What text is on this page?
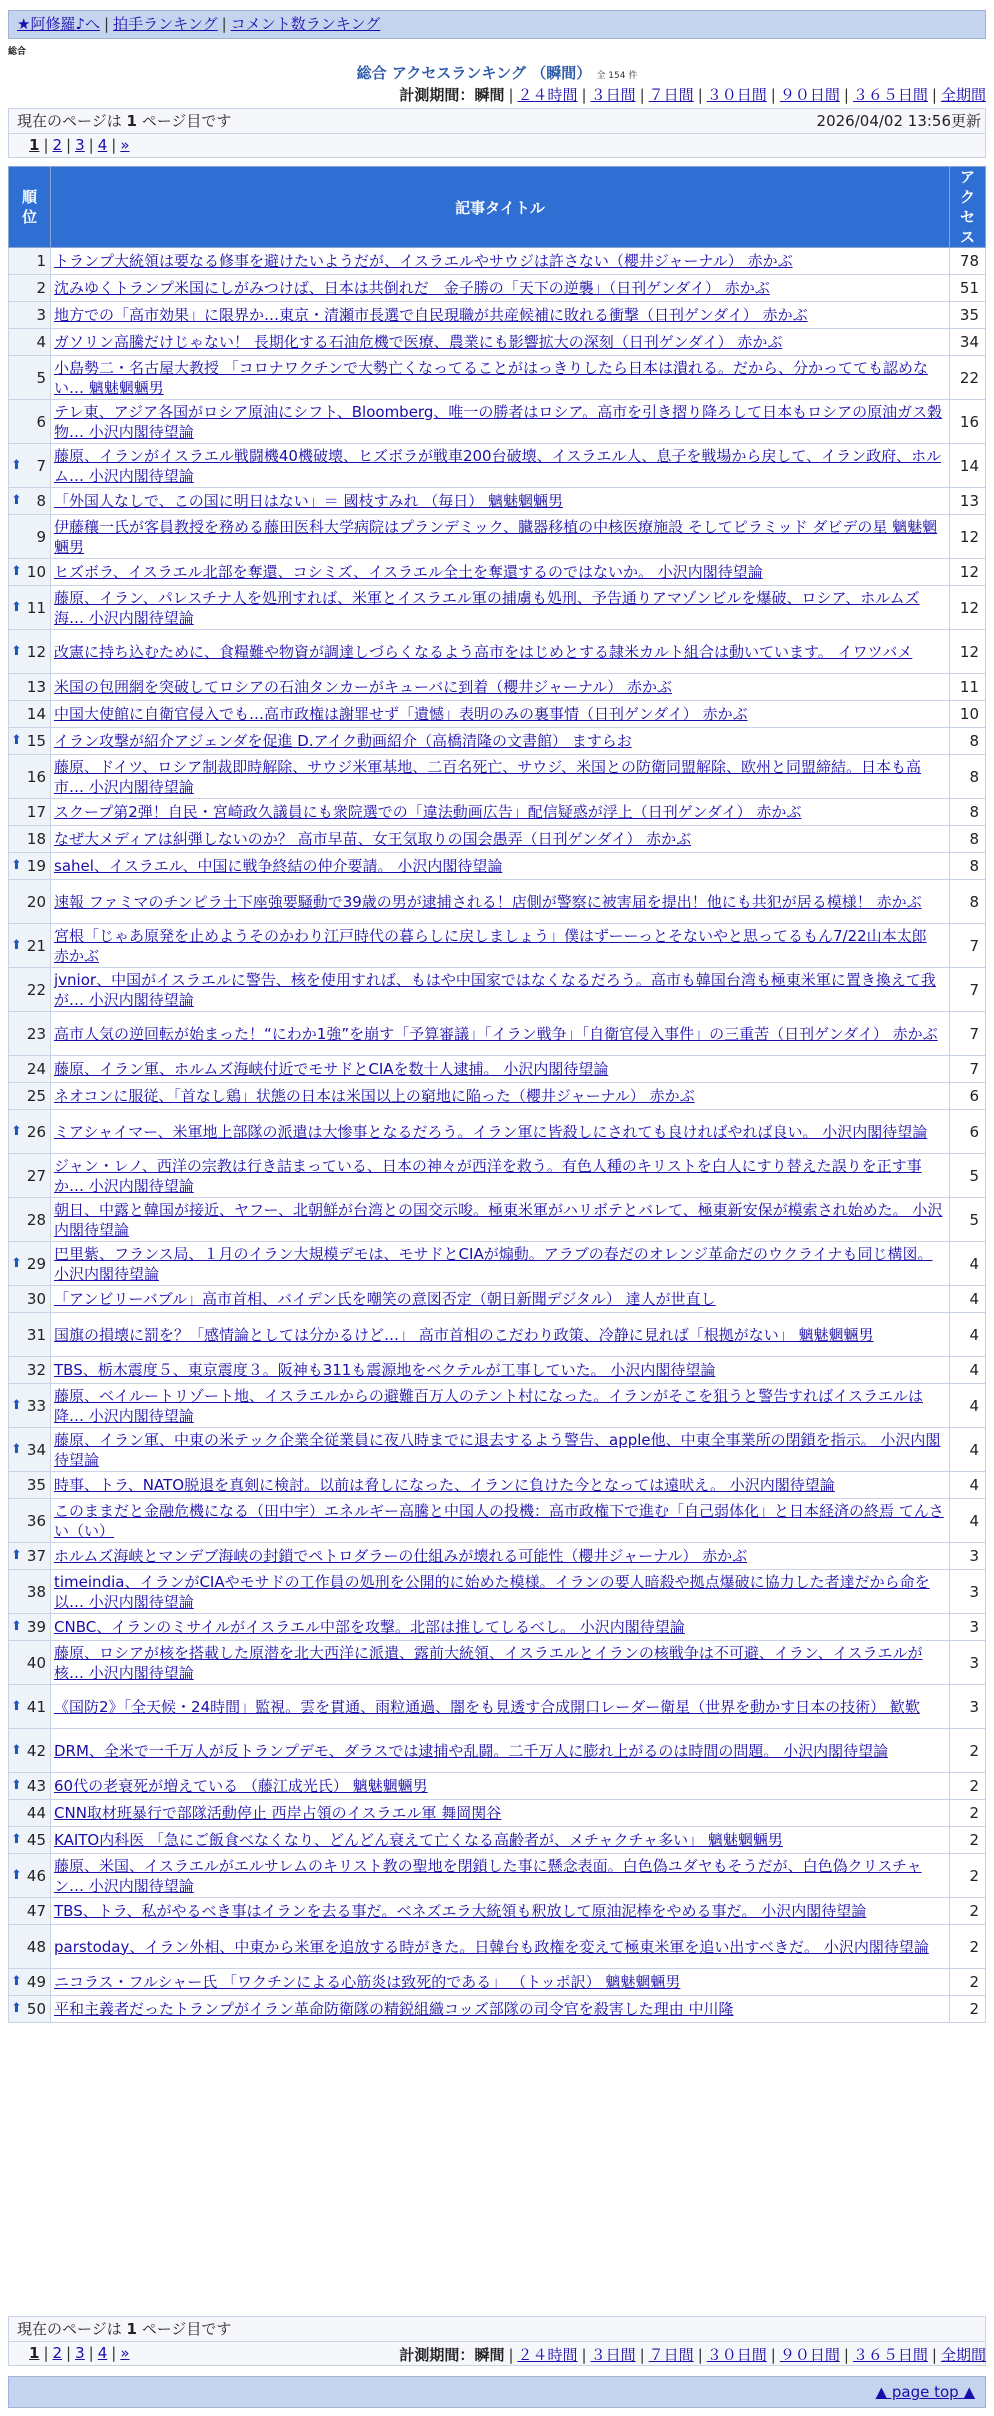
★阿修羅♪へ | 拍手ランキング | コメント数ランキング
総合
総合 アクセスランキング （瞬間） 全 154 件
計測期間：瞬間 | ２４時間 | ３日間 | ７日間 | ３０日間 | ９０日間 | ３６５日間 | 全期間
現在のページは 1 ページ目です	2026/04/02 13:56更新
1 | 2 | 3 | 4 | »
順位	記事タイトル	アクセス
1	トランプ大統領は要なる修事を避けたいようだが、イスラエルやサウジは許さない（櫻井ジャーナル） 赤かぶ	78
2	沈みゆくトランプ米国にしがみつけば、日本は共倒れだ　金子勝の「天下の逆襲」（日刊ゲンダイ） 赤かぶ	51
3	地方での「高市効果」に限界か…東京・清瀬市長選で自民現職が共産候補に敗れる衝撃（日刊ゲンダイ） 赤かぶ	35
4	ガソリン高騰だけじゃない！ 長期化する石油危機で医療、農業にも影響拡大の深刻（日刊ゲンダイ） 赤かぶ	34
5	小島勢二・名古屋大教授 「コロナワクチンで大勢亡くなってることがはっきりしたら日本は潰れる。だから、分かってても認めない… 魑魅魍魎男	22
6	テレ東、アジア各国がロシア原油にシフト、Bloomberg、唯一の勝者はロシア。高市を引き摺り降ろして日本もロシアの原油ガス穀物… 小沢内閣待望論	16

⬆ 7	藤原、イランがイスラエル戦闘機40機破壊、ヒズボラが戦車200台破壊、イスラエル人、息子を戦場から戻して、イラン政府、ホルム… 小沢内閣待望論	14

⬆ 8	「外国人なしで、この国に明日はない」＝ 國枝すみれ （毎日） 魑魅魍魎男	13
9	伊藤穰一氏が客員教授を務める藤田医科大学病院はプランデミック、臓器移植の中核医療施設 そしてピラミッド ダビデの星 魑魅魍魎男	12

⬆ 10	ヒズボラ、イスラエル北部を奪還、コシミズ、イスラエル全土を奪還するのではないか。 小沢内閣待望論	12

⬆ 11	藤原、イラン、パレスチナ人を処刑すれば、米軍とイスラエル軍の捕虜も処刑、予告通りアマゾンビルを爆破、ロシア、ホルムズ海… 小沢内閣待望論	12

⬆ 12	改憲に持ち込むために、食糧難や物資が調達しづらくなるよう高市をはじめとする隷米カルト組合は動いています。 イワツバメ	12
13	米国の包囲網を突破してロシアの石油タンカーがキューバに到着（櫻井ジャーナル） 赤かぶ	11
14	中国大使館に自衛官侵入でも…高市政権は謝罪せず「遺憾」表明のみの裏事情（日刊ゲンダイ） 赤かぶ	10

⬆ 15	イラン攻撃が紹介アジェンダを促進 D.アイク動画紹介（高橋清隆の文書館） ますらお	8
16	藤原、ドイツ、ロシア制裁即時解除、サウジ米軍基地、二百名死亡、サウジ、米国との防衛同盟解除、欧州と同盟締結。日本も高市… 小沢内閣待望論	8
17	スクープ第2弾！自民・宮崎政久議員にも衆院選での「違法動画広告」配信疑惑が浮上（日刊ゲンダイ） 赤かぶ	8
18	なぜ大メディアは糾弾しないのか？ 高市早苗、女王気取りの国会愚弄（日刊ゲンダイ） 赤かぶ	8

⬆ 19	sahel、イスラエル、中国に戦争終結の仲介要請。 小沢内閣待望論	8
20	速報 ファミマのチンピラ土下座強要騒動で39歳の男が逮捕される！店側が警察に被害届を提出！他にも共犯が居る模様！ 赤かぶ	8

⬆ 21	宮根「じゃあ原発を止めようそのかわり江戸時代の暮らしに戻しましょう」僕はずーーっとそないやと思ってるもん7/22山本太郎 赤かぶ	7
22	jvnior、中国がイスラエルに警告、核を使用すれば、もはや中国家ではなくなるだろう。高市も韓国台湾も極東米軍に置き換えて我が… 小沢内閣待望論	7
23	高市人気の逆回転が始まった！“にわか1強”を崩す「予算審議」「イラン戦争」「自衛官侵入事件」の三重苦（日刊ゲンダイ） 赤かぶ	7
24	藤原、イラン軍、ホルムズ海峡付近でモサドとCIAを数十人逮捕。 小沢内閣待望論	7
25	ネオコンに服従、「首なし鶏」状態の日本は米国以上の窮地に陥った（櫻井ジャーナル） 赤かぶ	6

⬆ 26	ミアシャイマー、米軍地上部隊の派遣は大惨事となるだろう。イラン軍に皆殺しにされても良ければやれば良い。 小沢内閣待望論	6
27	ジャン・レノ、西洋の宗教は行き詰まっている、日本の神々が西洋を救う。有色人種のキリストを白人にすり替えた誤りを正す事か… 小沢内閣待望論	5
28	朝日、中露と韓国が接近、ヤフー、北朝鮮が台湾との国交示唆。極東米軍がハリボテとバレて、極東新安保が模索され始めた。 小沢内閣待望論	5

⬆ 29	巴里紫、フランス局、１月のイラン大規模デモは、モサドとCIAが煽動。アラブの春だのオレンジ革命だのウクライナも同じ構図。 小沢内閣待望論	4
30	「アンビリーバブル」高市首相、バイデン氏を嘲笑の意図否定（朝日新聞デジタル） 達人が世直し	4
31	国旗の損壊に罰を？「感情論としては分かるけど…」 高市首相のこだわり政策、冷静に見れば「根拠がない」 魑魅魍魎男	4
32	TBS、栃木震度５、東京震度３。阪神も311も震源地をベクテルが工事していた。 小沢内閣待望論	4

⬆ 33	藤原、ベイルートリゾート地、イスラエルからの避難百万人のテント村になった。イランがそこを狙うと警告すればイスラエルは降… 小沢内閣待望論	4

⬆ 34	藤原、イラン軍、中東の米テック企業全従業員に夜八時までに退去するよう警告、apple他、中東全事業所の閉鎖を指示。 小沢内閣待望論	4
35	時事、トラ、NATO脱退を真剣に検討。以前は脅しになった、イランに負けた今となっては遠吠え。 小沢内閣待望論	4
36	このままだと金融危機になる（田中宇）エネルギー高騰と中国人の投機：高市政権下で進む「自己弱体化」と日本経済の終焉 てんさい（い）	4

⬆ 37	ホルムズ海峡とマンデブ海峡の封鎖でペトロダラーの仕組みが壊れる可能性（櫻井ジャーナル） 赤かぶ	3
38	timeindia、イランがCIAやモサドの工作員の処刑を公開的に始めた模様。イランの要人暗殺や拠点爆破に協力した者達だから命を以… 小沢内閣待望論	3

⬆ 39	CNBC、イランのミサイルがイスラエル中部を攻撃。北部は推してしるべし。 小沢内閣待望論	3
40	藤原、ロシアが核を搭載した原潜を北大西洋に派遣、露前大統領、イスラエルとイランの核戦争は不可避、イラン、イスラエルが核… 小沢内閣待望論	3

⬆ 41	《国防2》「全天候・24時間」監視。雲を貫通、雨粒通過、闇をも見透す合成開口レーダー衛星（世界を動かす日本の技術） 歓歎	3

⬆ 42	DRM、全米で一千万人が反トランプデモ、ダラスでは逮捕や乱闘。二千万人に膨れ上がるのは時間の問題。 小沢内閣待望論	2

⬆ 43	60代の老衰死が増えている （藤江成光氏） 魑魅魍魎男	2
44	CNN取材班暴行で部隊活動停止 西岸占領のイスラエル軍 舞岡関谷	2

⬆ 45	KAITO内科医 「急にご飯食べなくなり、どんどん衰えて亡くなる高齢者が、メチャクチャ多い」 魑魅魍魎男	2

⬆ 46	藤原、米国、イスラエルがエルサレムのキリスト教の聖地を閉鎖した事に懸念表面。白色偽ユダヤもそうだが、白色偽クリスチャン… 小沢内閣待望論	2
47	TBS、トラ、私がやるべき事はイランを去る事だ。ベネズエラ大統領も釈放して原油泥棒をやめる事だ。 小沢内閣待望論	2
48	parstoday、イラン外相、中東から米軍を追放する時がきた。日韓台も政権を変えて極東米軍を追い出すべきだ。 小沢内閣待望論	2

⬆ 49	ニコラス・フルシャー氏 「ワクチンによる心筋炎は致死的である」 （トッポ訳） 魑魅魍魎男	2

⬆ 50	平和主義者だったトランプがイラン革命防衛隊の精鋭組織コッズ部隊の司令官を殺害した理由 中川隆	2
現在のページは 1 ページ目です
1 | 2 | 3 | 4 | »	計測期間：瞬間 | ２４時間 | ３日間 | ７日間 | ３０日間 | ９０日間 | ３６５日間 | 全期間
▲ page top ▲
